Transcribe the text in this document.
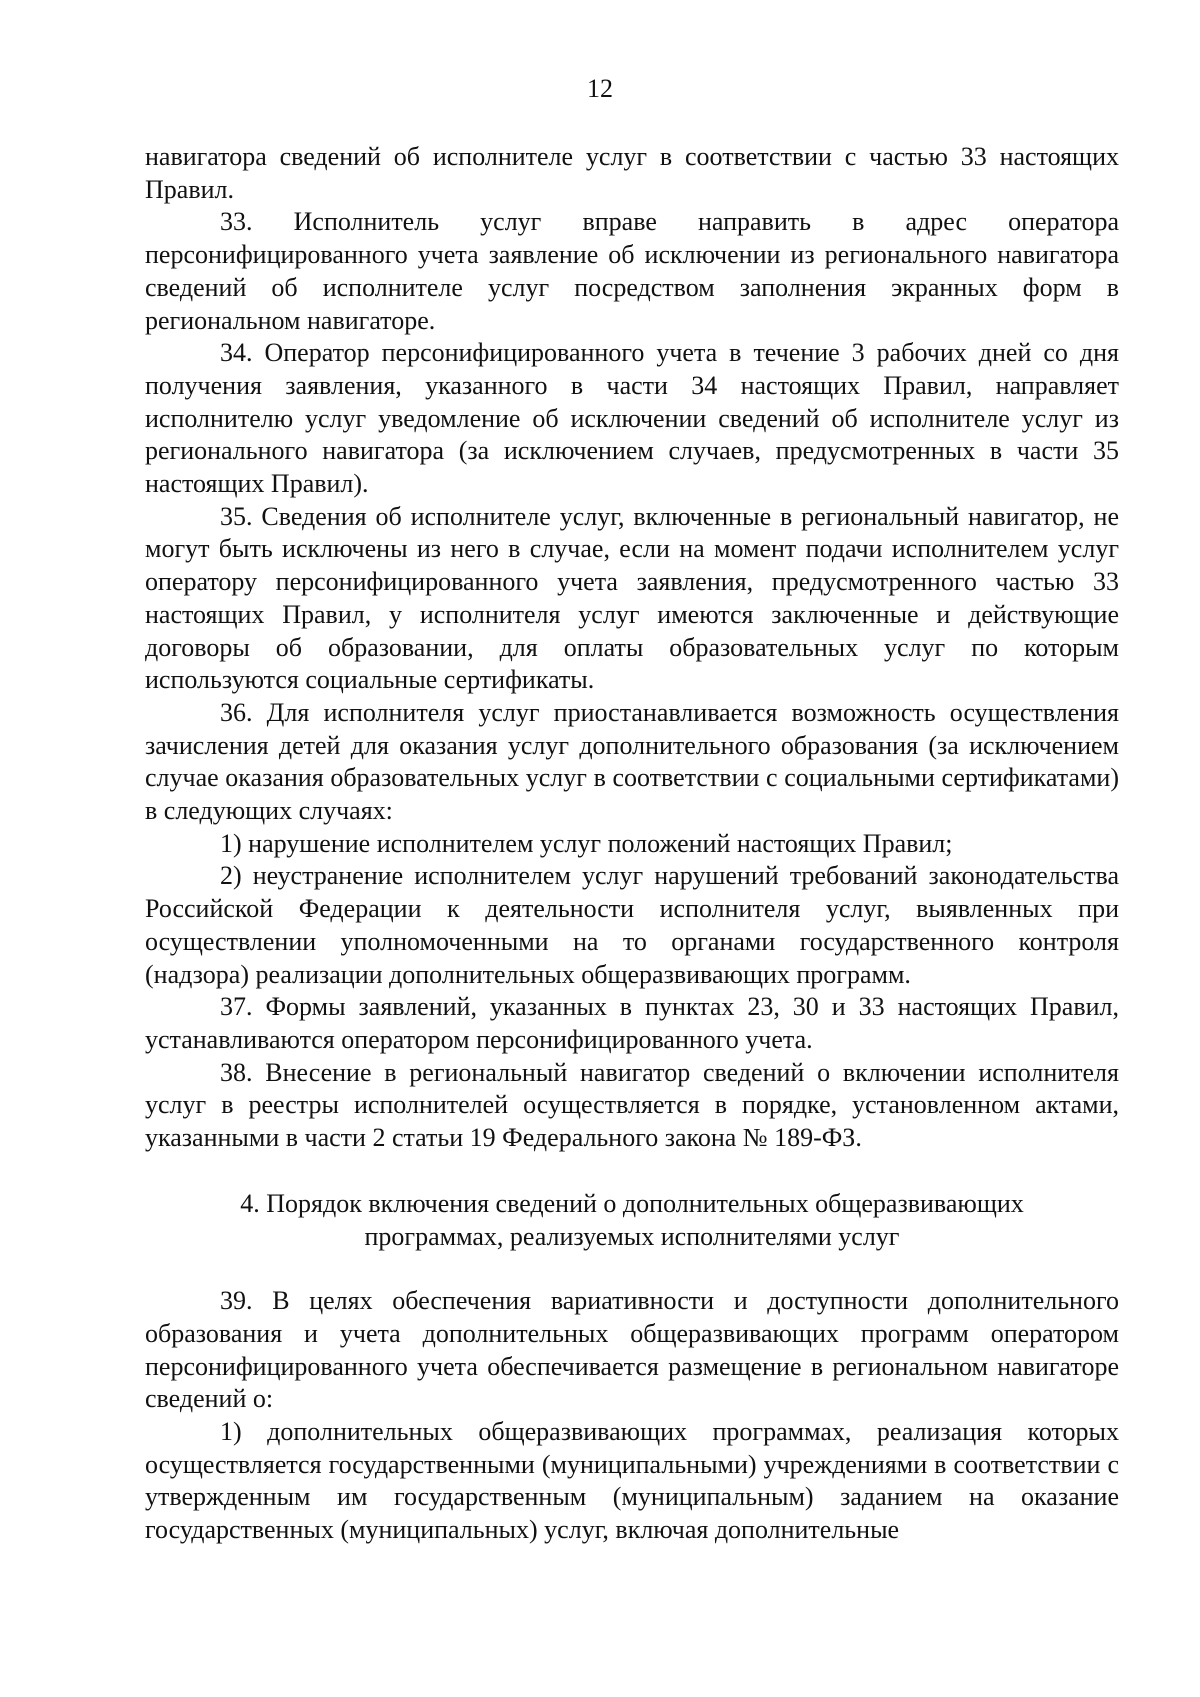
12

навигатора сведений об исполнителе услуг в соответствии с частью 33 настоящих Правил.

33. Исполнитель услуг вправе направить в адрес оператора персонифицированного учета заявление об исключении из регионального навигатора сведений об исполнителе услуг посредством заполнения экранных форм в региональном навигаторе.

34. Оператор персонифицированного учета в течение 3 рабочих дней со дня получения заявления, указанного в части 34 настоящих Правил, направляет исполнителю услуг уведомление об исключении сведений об исполнителе услуг из регионального навигатора (за исключением случаев, предусмотренных в части 35 настоящих Правил).

35. Сведения об исполнителе услуг, включенные в региональный навигатор, не могут быть исключены из него в случае, если на момент подачи исполнителем услуг оператору персонифицированного учета заявления, предусмотренного частью 33 настоящих Правил, у исполнителя услуг имеются заключенные и действующие договоры об образовании, для оплаты образовательных услуг по которым используются социальные сертификаты.

36. Для исполнителя услуг приостанавливается возможность осуществления зачисления детей для оказания услуг дополнительного образования (за исключением случае оказания образовательных услуг в соответствии с социальными сертификатами) в следующих случаях:

1) нарушение исполнителем услуг положений настоящих Правил;

2) неустранение исполнителем услуг нарушений требований законодательства Российской Федерации к деятельности исполнителя услуг, выявленных при осуществлении уполномоченными на то органами государственного контроля (надзора) реализации дополнительных общеразвивающих программ.

37. Формы заявлений, указанных в пунктах 23, 30 и 33 настоящих Правил, устанавливаются оператором персонифицированного учета.

38. Внесение в региональный навигатор сведений о включении исполнителя услуг в реестры исполнителей осуществляется в порядке, установленном актами, указанными в части 2 статьи 19 Федерального закона № 189-ФЗ.

4. Порядок включения сведений о дополнительных общеразвивающих
программах, реализуемых исполнителями услуг

39. В целях обеспечения вариативности и доступности дополнительного образования и учета дополнительных общеразвивающих программ оператором персонифицированного учета обеспечивается размещение в региональном навигаторе сведений о:

1) дополнительных общеразвивающих программах, реализация которых осуществляется государственными (муниципальными) учреждениями в соответствии с утвержденным им государственным (муниципальным) заданием на оказание государственных (муниципальных) услуг, включая дополнительные
